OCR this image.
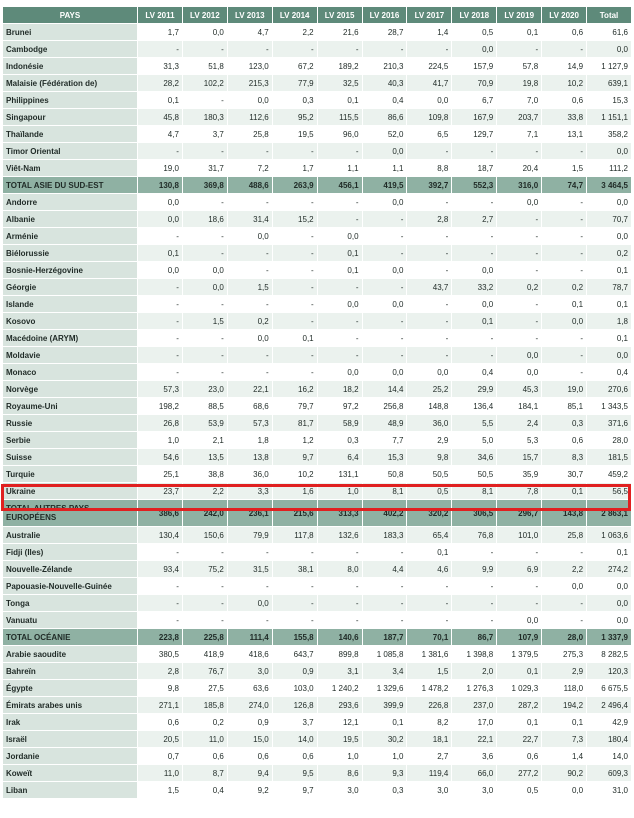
PAYS	LV 2011	LV 2012	LV 2013	LV 2014	LV 2015	LV 2016	LV 2017	LV 2018	LV 2019	LV 2020	Total
Brunei	1,7	0,0	4,7	2,2	21,6	28,7	1,4	0,5	0,1	0,6	61,6
Cambodge	-	-	-	-	-	-	-	0,0	-	-	0,0
Indonésie	31,3	51,8	123,0	67,2	189,2	210,3	224,5	157,9	57,8	14,9	1 127,9
Malaisie (Fédération de)	28,2	102,2	215,3	77,9	32,5	40,3	41,7	70,9	19,8	10,2	639,1
Philippines	0,1	-	0,0	0,3	0,1	0,4	0,0	6,7	7,0	0,6	15,3
Singapour	45,8	180,3	112,6	95,2	115,5	86,6	109,8	167,9	203,7	33,8	1 151,1
Thaïlande	4,7	3,7	25,8	19,5	96,0	52,0	6,5	129,7	7,1	13,1	358,2
Timor Oriental	-	-	-	-	-	0,0	-	-	-	-	0,0
Viêt-Nam	19,0	31,7	7,2	1,7	1,1	1,1	8,8	18,7	20,4	1,5	111,2
TOTAL ASIE DU SUD-EST	130,8	369,8	488,6	263,9	456,1	419,5	392,7	552,3	316,0	74,7	3 464,5
Andorre	0,0	-	-	-	-	0,0	-	-	0,0	-	0,0
Albanie	0,0	18,6	31,4	15,2	-	-	2,8	2,7	-	-	70,7
Arménie	-	-	0,0	-	0,0	-	-	-	-	-	0,0
Biélorussie	0,1	-	-	-	0,1	-	-	-	-	-	0,2
Bosnie-Herzégovine	0,0	0,0	-	-	0,1	0,0	-	0,0	-	-	0,1
Géorgie	-	0,0	1,5	-	-	-	43,7	33,2	0,2	0,2	78,7
Islande	-	-	-	-	0,0	0,0	-	0,0	-	0,1	0,1
Kosovo	-	1,5	0,2	-	-	-	-	0,1	-	0,0	1,8
Macédoine (ARYM)	-	-	0,0	0,1	-	-	-	-	-	-	0,1
Moldavie	-	-	-	-	-	-	-	-	0,0	-	0,0
Monaco	-	-	-	-	0,0	0,0	0,0	0,4	0,0	-	0,4
Norvège	57,3	23,0	22,1	16,2	18,2	14,4	25,2	29,9	45,3	19,0	270,6
Royaume-Uni	198,2	88,5	68,6	79,7	97,2	256,8	148,8	136,4	184,1	85,1	1 343,5
Russie	26,8	53,9	57,3	81,7	58,9	48,9	36,0	5,5	2,4	0,3	371,6
Serbie	1,0	2,1	1,8	1,2	0,3	7,7	2,9	5,0	5,3	0,6	28,0
Suisse	54,6	13,5	13,8	9,7	6,4	15,3	9,8	34,6	15,7	8,3	181,5
Turquie	25,1	38,8	36,0	10,2	131,1	50,8	50,5	50,5	35,9	30,7	459,2
Ukraine	23,7	2,2	3,3	1,6	1,0	8,1	0,5	8,1	7,8	0,1	56,5
TOTAL AUTRES PAYS EUROPÉENS	386,6	242,0	236,1	215,6	313,3	402,2	320,2	306,5	296,7	143,8	2 863,1
Australie	130,4	150,6	79,9	117,8	132,6	183,3	65,4	76,8	101,0	25,8	1 063,6
Fidji (Iles)	-	-	-	-	-	-	0,1	-	-	-	0,1
Nouvelle-Zélande	93,4	75,2	31,5	38,1	8,0	4,4	4,6	9,9	6,9	2,2	274,2
Papouasie-Nouvelle-Guinée	-	-	-	-	-	-	-	-	-	0,0	0,0
Tonga	-	-	0,0	-	-	-	-	-	-	-	0,0
Vanuatu	-	-	-	-	-	-	-	-	0,0	-	0,0
TOTAL OCÉANIE	223,8	225,8	111,4	155,8	140,6	187,7	70,1	86,7	107,9	28,0	1 337,9
Arabie saoudite	380,5	418,9	418,6	643,7	899,8	1 085,8	1 381,6	1 398,8	1 379,5	275,3	8 282,5
Bahreïn	2,8	76,7	3,0	0,9	3,1	3,4	1,5	2,0	0,1	2,9	120,3
Égypte	9,8	27,5	63,6	103,0	1 240,2	1 329,6	1 478,2	1 276,3	1 029,3	118,0	6 675,5
Émirats arabes unis	271,1	185,8	274,0	126,8	293,6	399,9	226,8	237,0	287,2	194,2	2 496,4
Irak	0,6	0,2	0,9	3,7	12,1	0,1	8,2	17,0	0,1	0,1	42,9
Israël	20,5	11,0	15,0	14,0	19,5	30,2	18,1	22,1	22,7	7,3	180,4
Jordanie	0,7	0,6	0,6	0,6	1,0	1,0	2,7	3,6	0,6	1,4	14,0
Koweït	11,0	8,7	9,4	9,5	8,6	9,3	119,4	66,0	277,2	90,2	609,3
Liban	1,5	0,4	9,2	9,7	3,0	0,3	3,0	3,0	0,5	0,0	31,0
